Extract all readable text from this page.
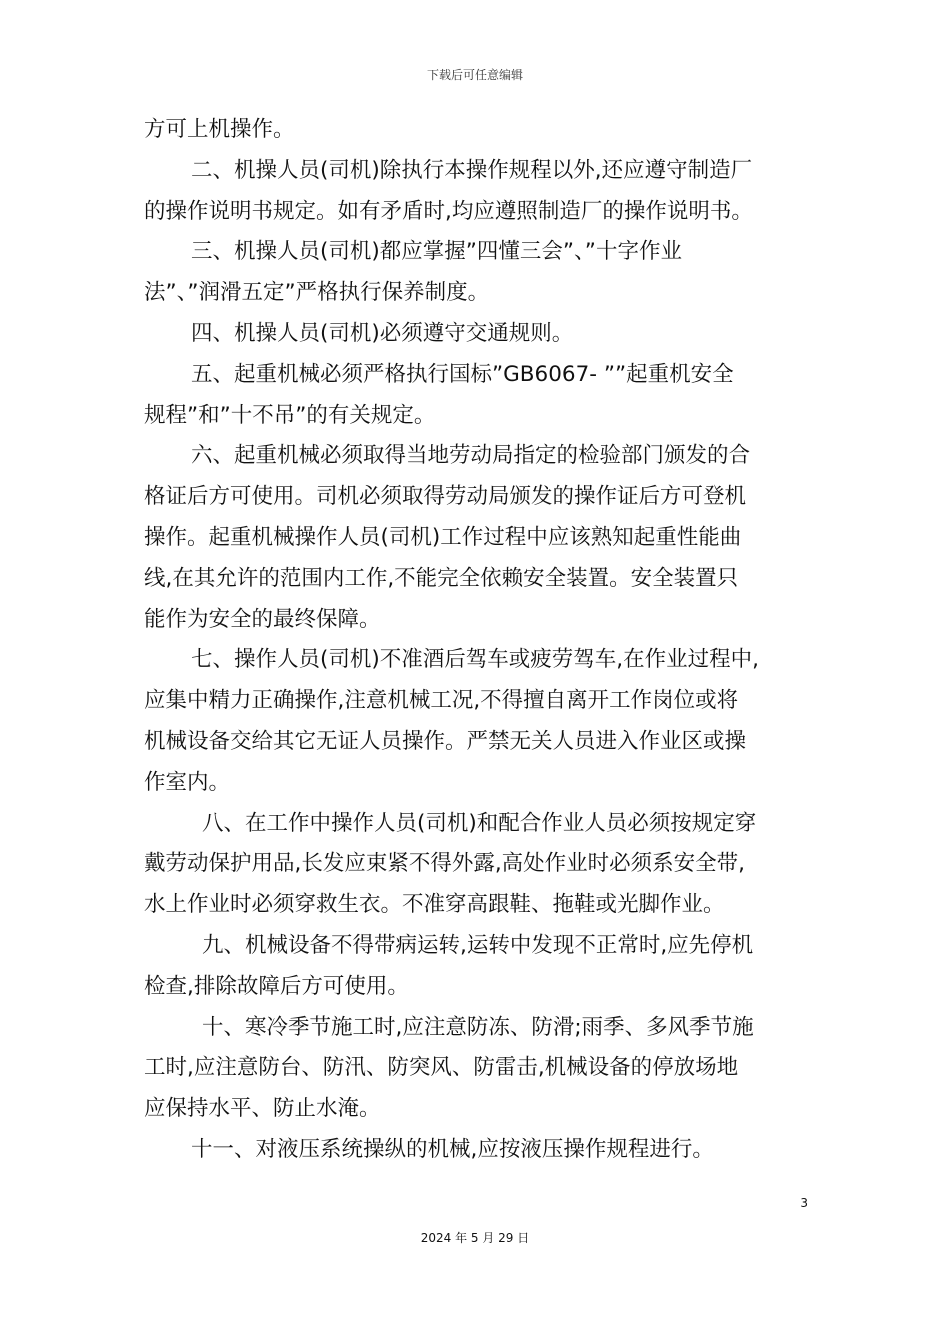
下载后可任意编辑
方可上机操作。
二、机操人员(司机)除执行本操作规程以外,还应遵守制造厂
的操作说明书规定。如有矛盾时,均应遵照制造厂的操作说明书。
三、机操人员(司机)都应掌握”四懂三会”、”十字作业
法”、”润滑五定”严格执行保养制度。
四、机操人员(司机)必须遵守交通规则。
五、起重机械必须严格执行国标”GB6067- ””起重机安全
规程”和”十不吊”的有关规定。
六、起重机械必须取得当地劳动局指定的检验部门颁发的合
格证后方可使用。司机必须取得劳动局颁发的操作证后方可登机
操作。起重机械操作人员(司机)工作过程中应该熟知起重性能曲
线,在其允许的范围内工作,不能完全依赖安全装置。安全装置只
能作为安全的最终保障。
七、操作人员(司机)不准酒后驾车或疲劳驾车,在作业过程中,
应集中精力正确操作,注意机械工况,不得擅自离开工作岗位或将
机械设备交给其它无证人员操作。严禁无关人员进入作业区或操
作室内。
八、在工作中操作人员(司机)和配合作业人员必须按规定穿
戴劳动保护用品,长发应束紧不得外露,高处作业时必须系安全带,
水上作业时必须穿救生衣。不准穿高跟鞋、拖鞋或光脚作业。
九、机械设备不得带病运转,运转中发现不正常时,应先停机
检查,排除故障后方可使用。
十、寒冷季节施工时,应注意防冻、防滑;雨季、多风季节施
工时,应注意防台、防汛、防突风、防雷击,机械设备的停放场地
应保持水平、防止水淹。
十一、对液压系统操纵的机械,应按液压操作规程进行。
3
2024 年 5 月 29 日
